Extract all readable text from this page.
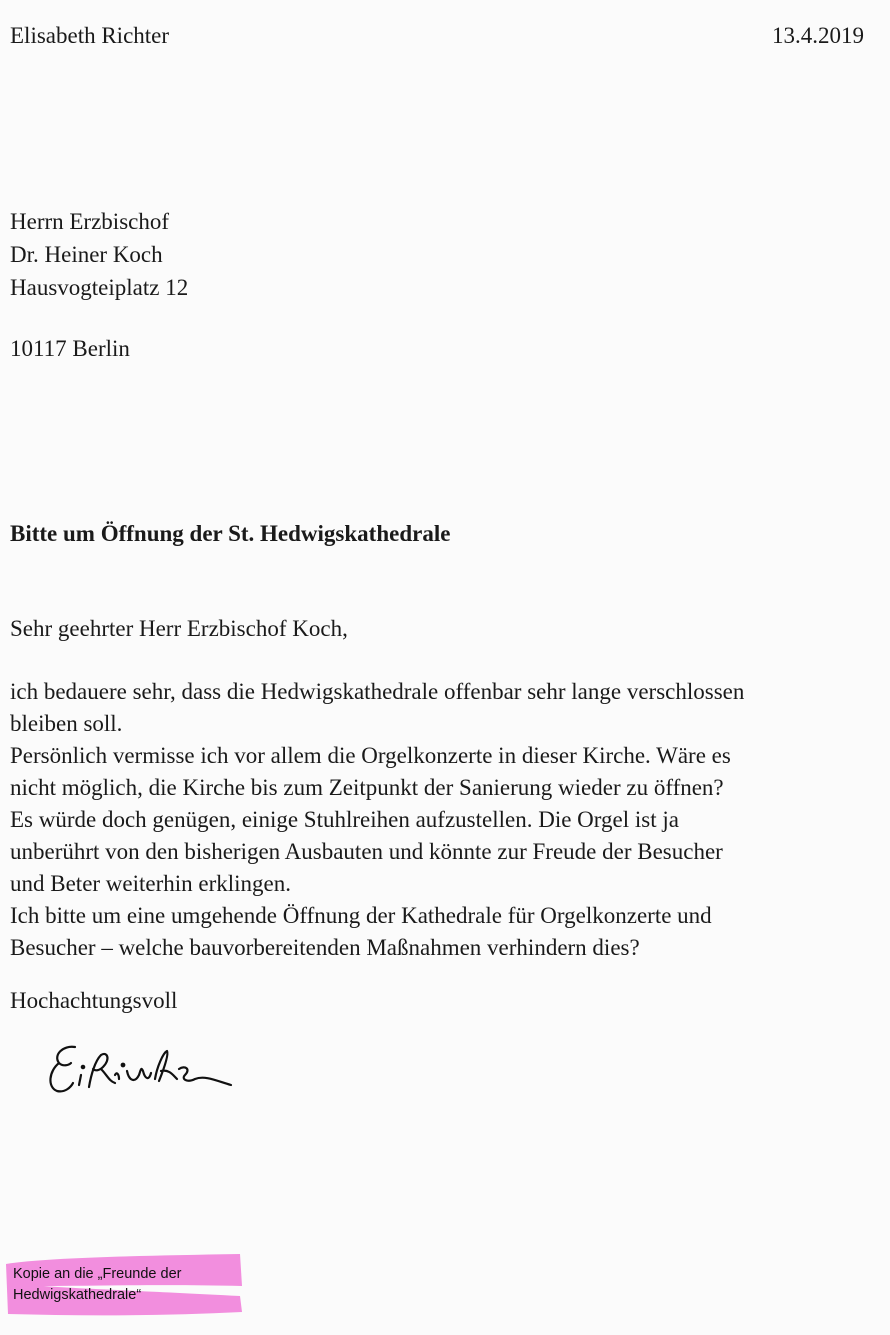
Elisabeth Richter	13.4.2019

Herrn Erzbischof
Dr. Heiner Koch
Hausvogteiplatz 12

10117 Berlin

Bitte um Öffnung der St. Hedwigskathedrale

Sehr geehrter Herr Erzbischof Koch,

ich bedauere sehr, dass die Hedwigskathedrale offenbar sehr lange verschlossen
bleiben soll.
Persönlich vermisse ich vor allem die Orgelkonzerte in dieser Kirche. Wäre es
nicht möglich, die Kirche bis zum Zeitpunkt der Sanierung wieder zu öffnen?
Es würde doch genügen, einige Stuhlreihen aufzustellen. Die Orgel ist ja
unberührt von den bisherigen Ausbauten und könnte zur Freude der Besucher
und Beter weiterhin erklingen.
Ich bitte um eine umgehende Öffnung der Kathedrale für Orgelkonzerte und
Besucher – welche bauvorbereitenden Maßnahmen verhindern dies?

Hochachtungsvoll

Kopie an die „Freunde der
Hedwigskathedrale“
